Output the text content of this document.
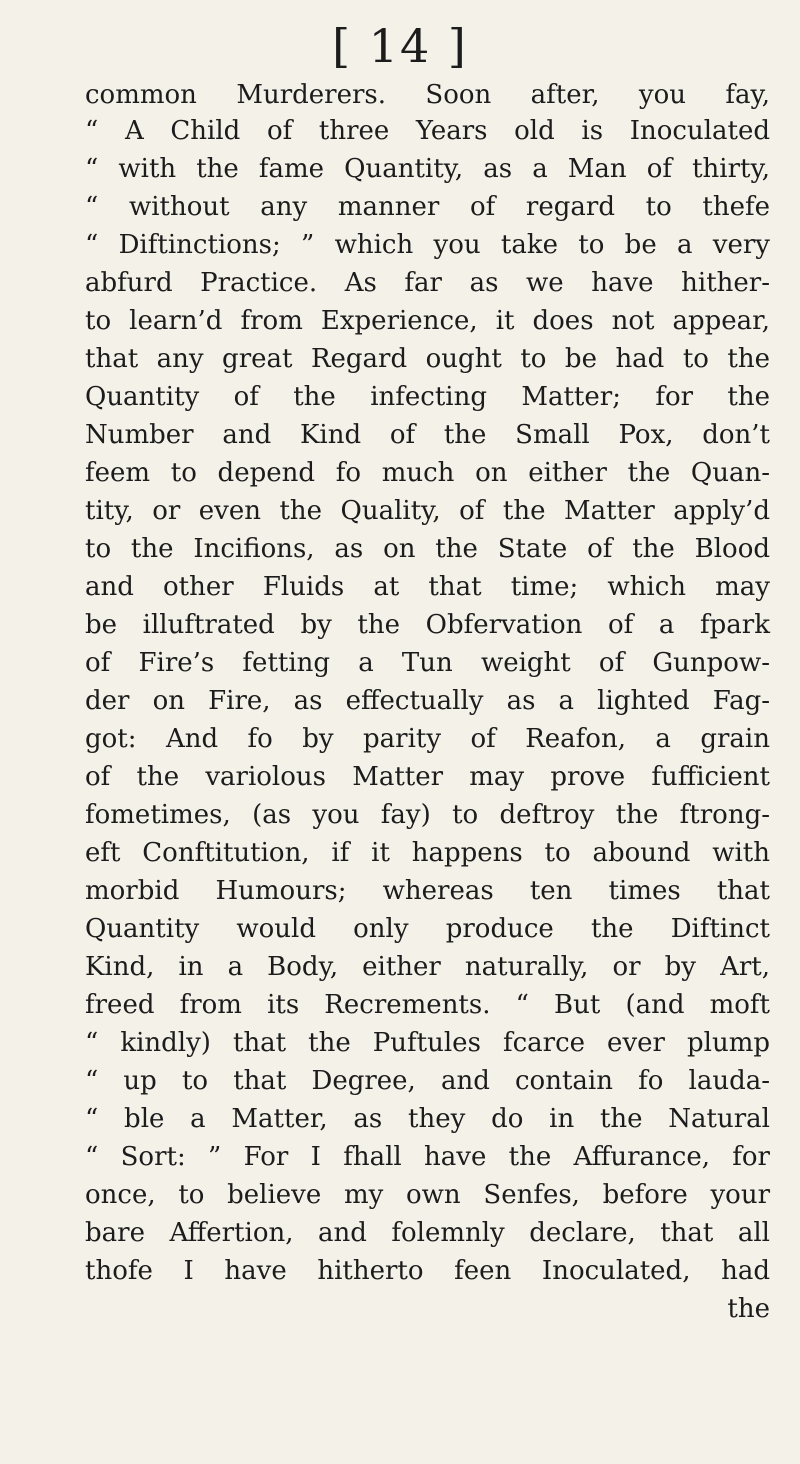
[ 14 ]
common Murderers. Soon after, you fay,
“ A Child of three Years old is Inoculated
“ with the fame Quantity, as a Man of thirty,
“ without any manner of regard to thefe
“ Diftinctions; ” which you take to be a very
abfurd Practice. As far as we have hither-
to learn’d from Experience, it does not appear,
that any great Regard ought to be had to the
Quantity of the infecting Matter; for the
Number and Kind of the Small Pox, don’t
feem to depend fo much on either the Quan-
tity, or even the Quality, of the Matter apply’d
to the Incifions, as on the State of the Blood
and other Fluids at that time; which may
be illuftrated by the Obfervation of a fpark
of Fire’s fetting a Tun weight of Gunpow-
der on Fire, as effectually as a lighted Fag-
got: And fo by parity of Reafon, a grain
of the variolous Matter may prove fufficient
fometimes, (as you fay) to deftroy the ftrong-
eft Conftitution, if it happens to abound with
morbid Humours; whereas ten times that
Quantity would only produce the Diftinct
Kind, in a Body, either naturally, or by Art,
freed from its Recrements. “ But (and moft
“ kindly) that the Puftules fcarce ever plump
“ up to that Degree, and contain fo lauda-
“ ble a Matter, as they do in the Natural
“ Sort: ” For I fhall have the Affurance, for
once, to believe my own Senfes, before your
bare Affertion, and folemnly declare, that all
thofe I have hitherto feen Inoculated, had
the
